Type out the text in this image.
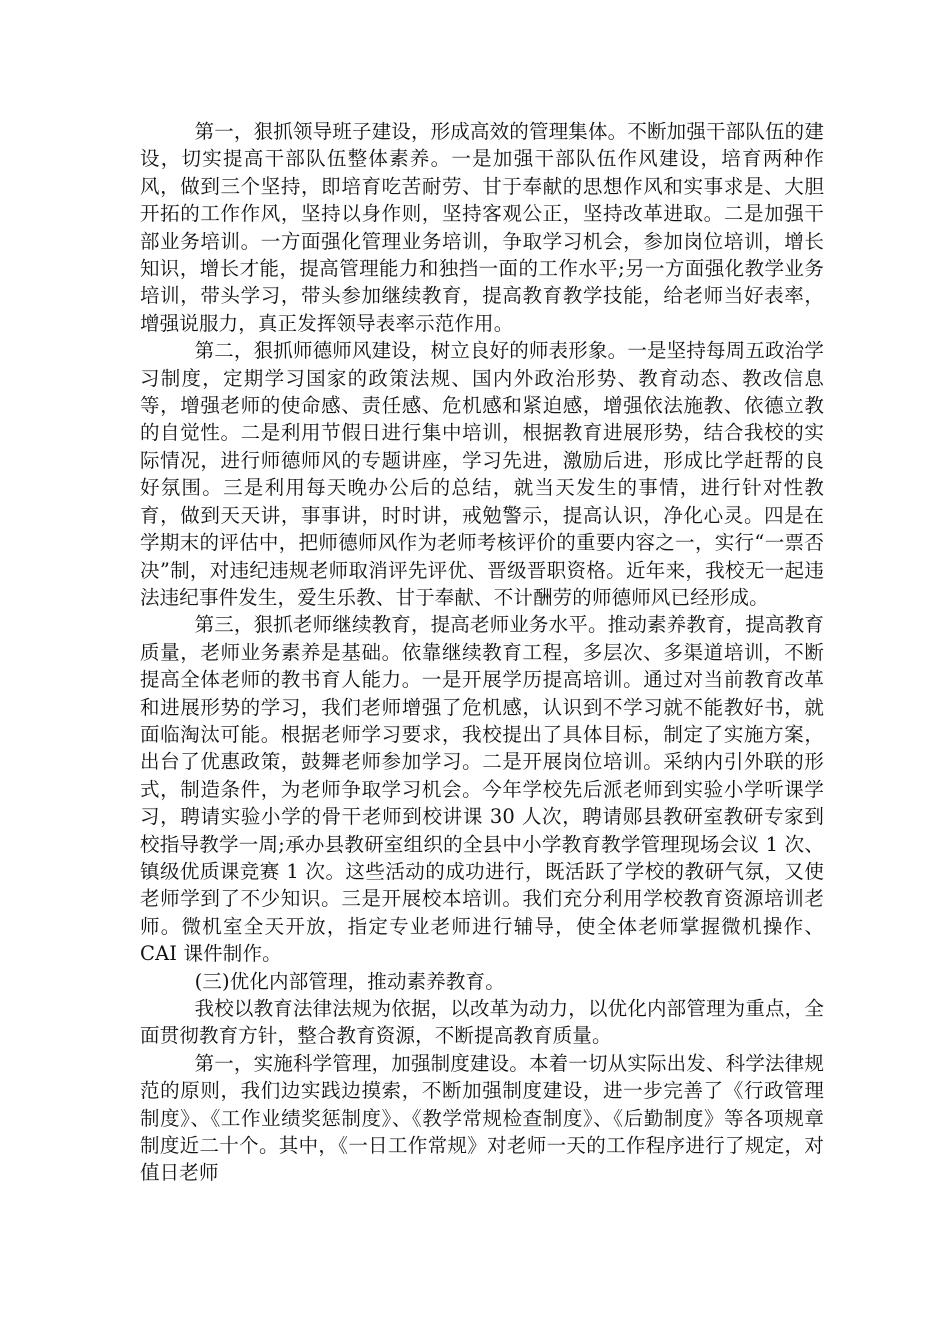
第一，狠抓领导班子建设，形成高效的管理集体。不断加强干部队伍的建设，切实提高干部队伍整体素养。一是加强干部队伍作风建设，培育两种作风，做到三个坚持，即培育吃苦耐劳、甘于奉献的思想作风和实事求是、大胆开拓的工作作风，坚持以身作则，坚持客观公正，坚持改革进取。二是加强干部业务培训。一方面强化管理业务培训，争取学习机会，参加岗位培训，增长知识，增长才能，提高管理能力和独挡一面的工作水平;另一方面强化教学业务培训，带头学习，带头参加继续教育，提高教育教学技能，给老师当好表率，增强说服力，真正发挥领导表率示范作用。

第二，狠抓师德师风建设，树立良好的师表形象。一是坚持每周五政治学习制度，定期学习国家的政策法规、国内外政治形势、教育动态、教改信息等，增强老师的使命感、责任感、危机感和紧迫感，增强依法施教、依德立教的自觉性。二是利用节假日进行集中培训，根据教育进展形势，结合我校的实际情况，进行师德师风的专题讲座，学习先进，激励后进，形成比学赶帮的良好氛围。三是利用每天晚办公后的总结，就当天发生的事情，进行针对性教育，做到天天讲，事事讲，时时讲，戒勉警示，提高认识，净化心灵。四是在学期末的评估中，把师德师风作为老师考核评价的重要内容之一，实行“一票否决”制，对违纪违规老师取消评先评优、晋级晋职资格。近年来，我校无一起违法违纪事件发生，爱生乐教、甘于奉献、不计酬劳的师德师风已经形成。

第三，狠抓老师继续教育，提高老师业务水平。推动素养教育，提高教育质量，老师业务素养是基础。依靠继续教育工程，多层次、多渠道培训，不断提高全体老师的教书育人能力。一是开展学历提高培训。通过对当前教育改革和进展形势的学习，我们老师增强了危机感，认识到不学习就不能教好书，就面临淘汰可能。根据老师学习要求，我校提出了具体目标，制定了实施方案，出台了优惠政策，鼓舞老师参加学习。二是开展岗位培训。采纳内引外联的形式，制造条件，为老师争取学习机会。今年学校先后派老师到实验小学听课学习，聘请实验小学的骨干老师到校讲课 30 人次，聘请郧县教研室教研专家到校指导教学一周;承办县教研室组织的全县中小学教育教学管理现场会议 1 次、镇级优质课竞赛 1 次。这些活动的成功进行，既活跃了学校的教研气氛，又使老师学到了不少知识。三是开展校本培训。我们充分利用学校教育资源培训老师。微机室全天开放，指定专业老师进行辅导，使全体老师掌握微机操作、CAI 课件制作。

(三)优化内部管理，推动素养教育。

我校以教育法律法规为依据，以改革为动力，以优化内部管理为重点，全面贯彻教育方针，整合教育资源，不断提高教育质量。

第一，实施科学管理，加强制度建设。本着一切从实际出发、科学法律规范的原则，我们边实践边摸索，不断加强制度建设，进一步完善了《行政管理制度》、《工作业绩奖惩制度》、《教学常规检查制度》、《后勤制度》等各项规章制度近二十个。其中，《一日工作常规》对老师一天的工作程序进行了规定，对值日老师
